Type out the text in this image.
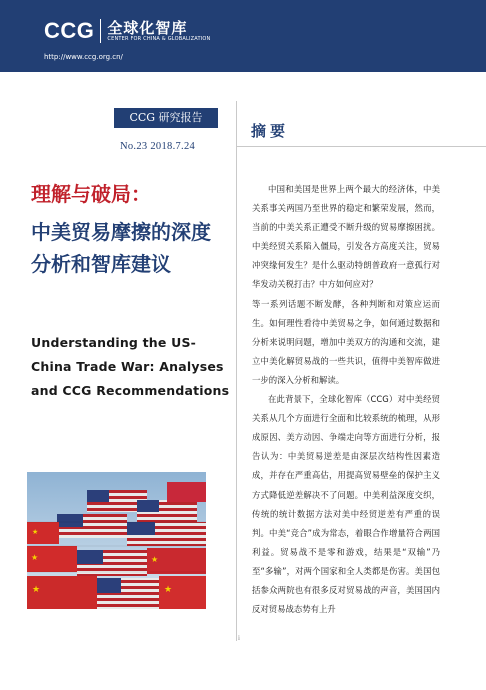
CCG 全球化智库
CENTER FOR CHINA & GLOBALIZATION
http://www.ccg.org.cn/
CCG 研究报告
No.23 2018.7.24
理解与破局：
中美贸易摩擦的深度分析和智库建议
Understanding the US-China Trade War: Analyses and CCG Recommendations
★
★	★
★	★
摘要

中国和美国是世界上两个最大的经济体，中美关系事关两国乃至世界的稳定和繁荣发展，然而，当前的中美关系正遭受不断升级的贸易摩擦困扰。中美经贸关系陷入僵局，引发各方高度关注，贸易冲突缘何发生？是什么驱动特朗普政府一意孤行对华发动关税打击？中方如何应对？

等一系列话题不断发酵，各种判断和对策应运而生。如何理性看待中美贸易之争，如何通过数据和分析来说明问题，增加中美双方的沟通和交流，建立中美化解贸易战的一些共识，值得中美智库做进一步的深入分析和解读。

在此背景下，全球化智库（CCG）对中美经贸关系从几个方面进行全面和比较系统的梳理，从形成原因、美方动因、争端走向等方面进行分析，报告认为：中美贸易逆差是由深层次结构性因素造成，并存在严重高估，用提高贸易壁垒的保护主义方式降低逆差解决不了问题。中美利益深度交织，传统的统计数据方法对美中经贸逆差有严重的误判。中美“竞合”成为常态，着眼合作增量符合两国利益。贸易战不是零和游戏，结果是“双输”乃至“多输”，对两个国家和全人类都是伤害。美国包括参众两院也有很多反对贸易战的声音，美国国内反对贸易战态势有上升

i
